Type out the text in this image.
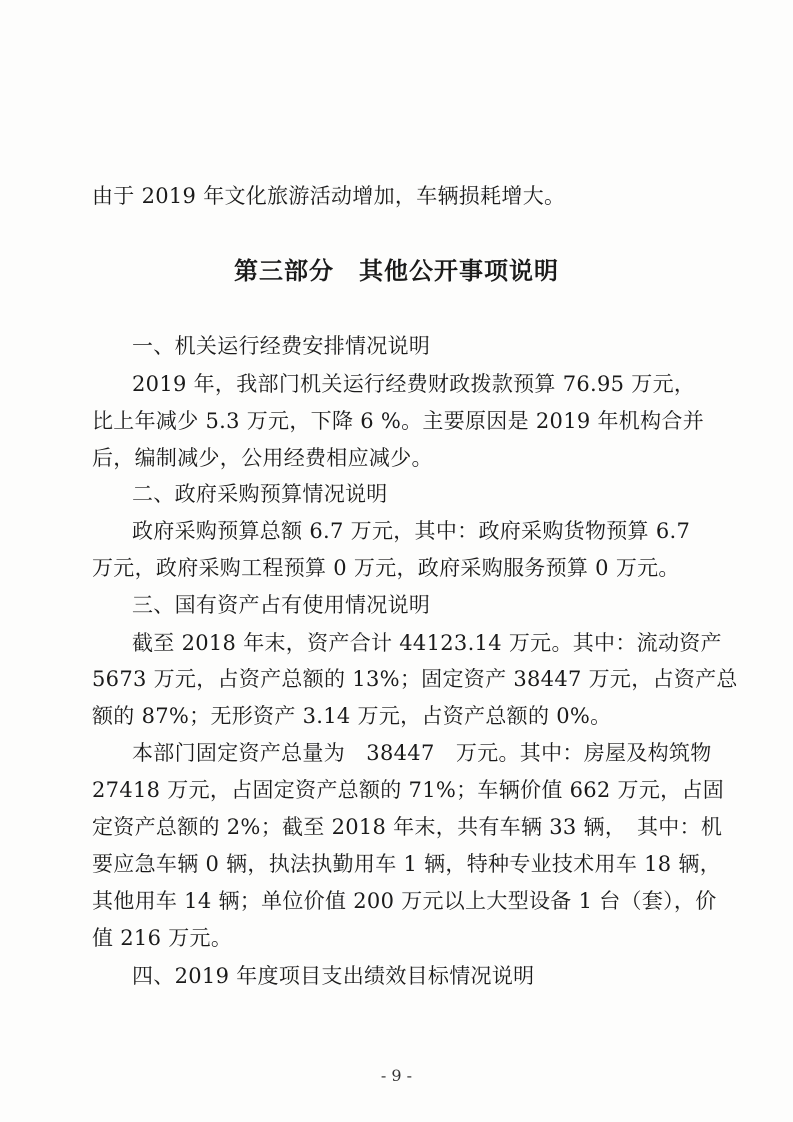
由于 2019 年文化旅游活动增加，车辆损耗增大。
第三部分　其他公开事项说明
一、机关运行经费安排情况说明
2019 年，我部门机关运行经费财政拨款预算 76.95 万元，
比上年减少 5.3 万元，下降 6 %。主要原因是 2019 年机构合并
后，编制减少，公用经费相应减少。
二、政府采购预算情况说明
政府采购预算总额 6.7 万元，其中：政府采购货物预算 6.7
万元，政府采购工程预算 0 万元，政府采购服务预算 0 万元。
三、国有资产占有使用情况说明
截至 2018 年末，资产合计 44123.14 万元。其中：流动资产
5673 万元，占资产总额的 13%；固定资产 38447 万元，占资产总
额的 87%；无形资产 3.14 万元，占资产总额的 0%。
本部门固定资产总量为　38447　万元。其中：房屋及构筑物
27418 万元，占固定资产总额的 71%；车辆价值 662 万元，占固
定资产总额的 2%；截至 2018 年末，共有车辆 33 辆，　其中：机
要应急车辆 0 辆，执法执勤用车 1 辆，特种专业技术用车 18 辆，
其他用车 14 辆；单位价值 200 万元以上大型设备 1 台（套），价
值 216 万元。
四、2019 年度项目支出绩效目标情况说明
- 9 -
